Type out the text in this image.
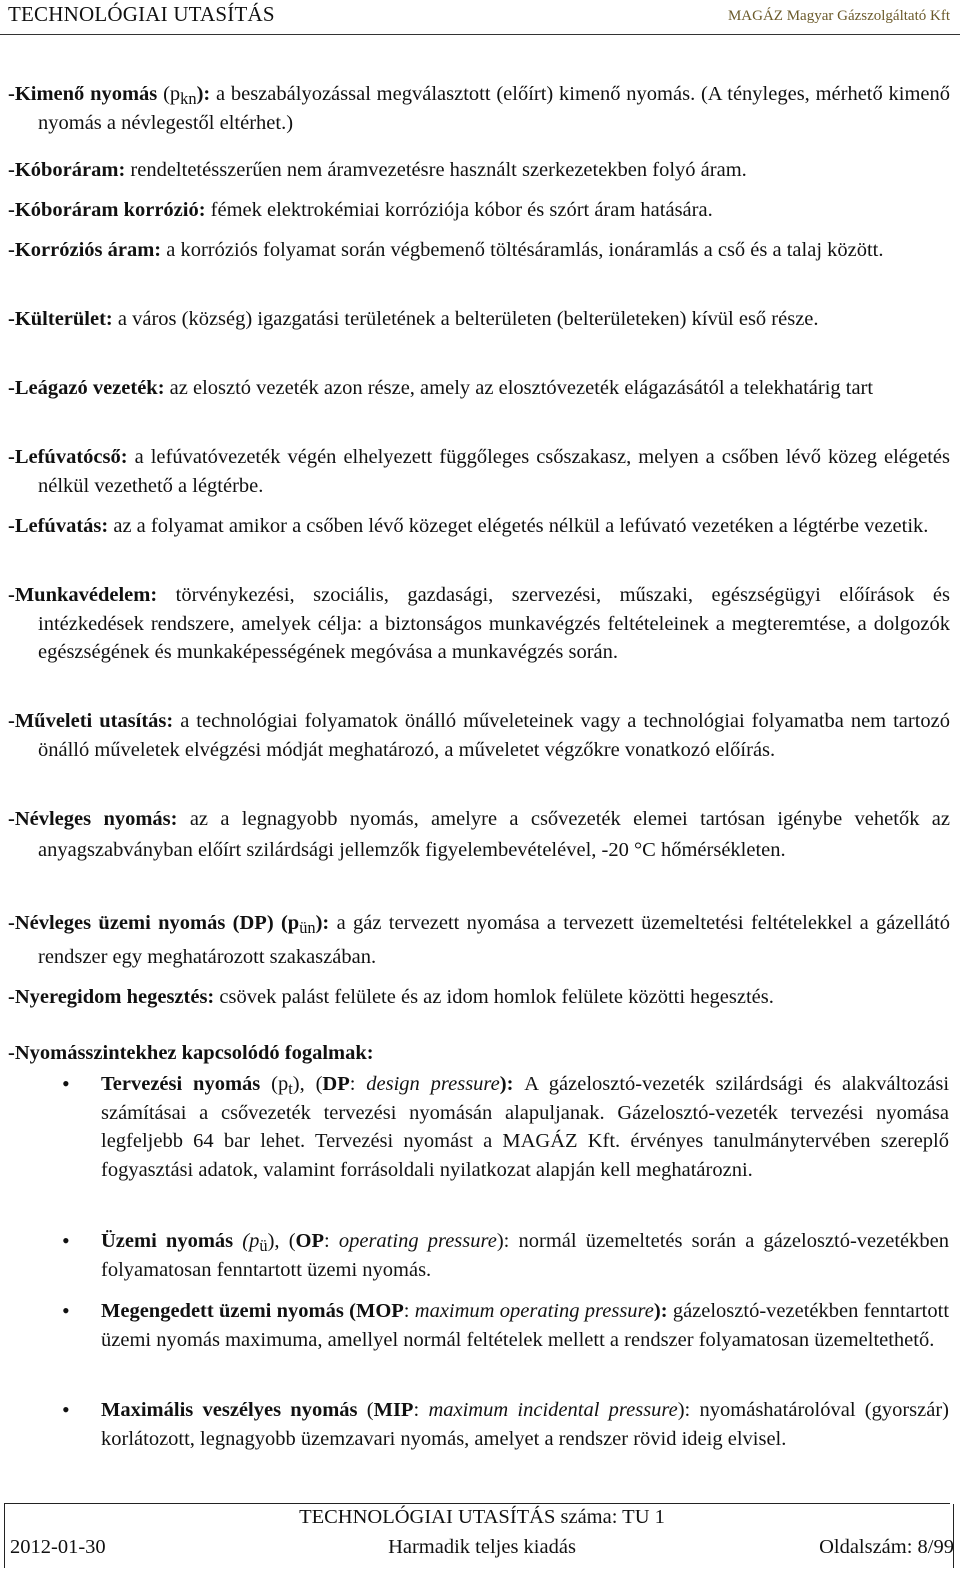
TECHNOLÓGIAI UTASÍTÁS	MAGÁZ Magyar Gázszolgáltató Kft
-Kimenő nyomás $(p_{kn})$: a beszabályozással megválasztott (előírt) kimenő nyomás. (A tényleges, mérhető kimenő nyomás a névlegestől eltérhet.)
-Kóboráram: rendeltetésszerűen nem áramvezetésre használt szerkezetekben folyó áram.
-Kóboráram korrózió: fémek elektrokémiai korróziója kóbor és szórt áram hatására.
-Korróziós áram: a korróziós folyamat során végbemenő töltésáramlás, ionáramlás a cső és a talaj között.
-Külterület: a város (község) igazgatási területének a belterületen (belterületeken) kívül eső része.
-Leágazó vezeték: az elosztó vezeték azon része, amely az elosztóvezeték elágazásától a telekhatárig tart
-Lefúvatócső: a lefúvatóvezeték végén elhelyezett függőleges csőszakasz, melyen a csőben lévő közeg elégetés nélkül vezethető a légtérbe.
-Lefúvatás: az a folyamat amikor a csőben lévő közeget elégetés nélkül a lefúvató vezetéken a légtérbe vezetik.
-Munkavédelem: törvénykezési, szociális, gazdasági, szervezési, műszaki, egészségügyi előírások és intézkedések rendszere, amelyek célja: a biztonságos munkavégzés feltételeinek a megteremtése, a dolgozók egészségének és munkaképességének megóvása a munkavégzés során.
-Műveleti utasítás: a technológiai folyamatok önálló műveleteinek vagy a technológiai folyamatba nem tartozó önálló műveletek elvégzési módját meghatározó, a műveletet végzőkre vonatkozó előírás.
-Névleges nyomás: az a legnagyobb nyomás, amelyre a csővezeték elemei tartósan igénybe vehetők az anyagszabványban előírt szilárdsági jellemzők figyelembevételével, -20 °C hőmérsékleten.
-Névleges üzemi nyomás (DP) $(p_{ün})$: a gáz tervezett nyomása a tervezett üzemeltetési feltételekkel a gázellátó rendszer egy meghatározott szakaszában.
-Nyeregidom hegesztés: csövek palást felülete és az idom homlok felülete közötti hegesztés.
-Nyomásszintekhez kapcsolódó fogalmak:
• Tervezési nyomás $(p_t)$, (DP: design pressure): A gázelosztó-vezeték szilárdsági és alakváltozási számításai a csővezeték tervezési nyomásán alapuljanak. Gázelosztó-vezeték tervezési nyomása legfeljebb 64 bar lehet. Tervezési nyomást a MAGÁZ Kft. érvényes tanulmánytervében szereplő fogyasztási adatok, valamint forrásoldali nyilatkozat alapján kell meghatározni.
• Üzemi nyomás $(p_ü)$, (OP: operating pressure): normál üzemeltetés során a gázelosztó-vezetékben folyamatosan fenntartott üzemi nyomás.
• Megengedett üzemi nyomás (MOP: maximum operating pressure): gázelosztó-vezetékben fenntartott üzemi nyomás maximuma, amellyel normál feltételek mellett a rendszer folyamatosan üzemeltethető.
• Maximális veszélyes nyomás (MIP: maximum incidental pressure): nyomáshatárolóval (gyorszár) korlátozott, legnagyobb üzemzavari nyomás, amelyet a rendszer rövid ideig elvisel.
TECHNOLÓGIAI UTASÍTÁS száma: TU 1
2012-01-30	Harmadik teljes kiadás	Oldalszám: 8/99
